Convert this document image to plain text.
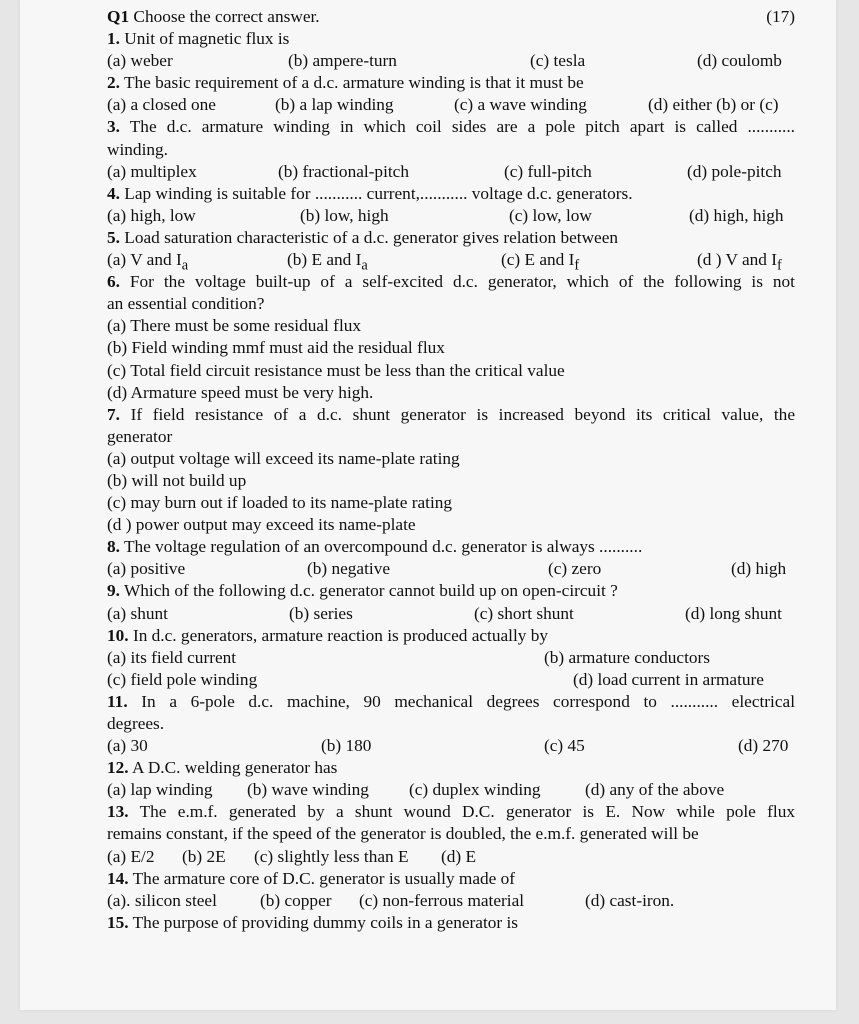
Q1 Choose the correct answer.	(17)
1. Unit of magnetic flux is
(a) weber	(b) ampere-turn	(c) tesla	(d) coulomb
2. The basic requirement of a d.c. armature winding is that it must be
(a) a closed one	(b) a lap winding	(c) a wave winding	(d) either (b) or (c)
3. The d.c. armature winding in which coil sides are a pole pitch apart is called ...........
winding.
(a) multiplex	(b) fractional-pitch	(c) full-pitch	(d) pole-pitch
4. Lap winding is suitable for ........... current,........... voltage d.c. generators.
(a) high, low	(b) low, high	(c) low, low	(d) high, high
5. Load saturation characteristic of a d.c. generator gives relation between
(a) V and $I_a$	(b) E and $I_a$	(c) E and $I_f$	(d ) V and $I_f$
6. For the voltage built-up of a self-excited d.c. generator, which of the following is not
an essential condition?
(a) There must be some residual flux
(b) Field winding mmf must aid the residual flux
(c) Total field circuit resistance must be less than the critical value
(d) Armature speed must be very high.
7. If field resistance of a d.c. shunt generator is increased beyond its critical value, the
generator
(a) output voltage will exceed its name-plate rating
(b) will not build up
(c) may burn out if loaded to its name-plate rating
(d ) power output may exceed its name-plate
8. The voltage regulation of an overcompound d.c. generator is always ..........
(a) positive	(b) negative	(c) zero	(d) high
9. Which of the following d.c. generator cannot build up on open-circuit ?
(a) shunt	(b) series	(c) short shunt	(d) long shunt
10. In d.c. generators, armature reaction is produced actually by
(a) its field current	(b) armature conductors
(c) field pole winding	(d) load current in armature
11. In a 6-pole d.c. machine, 90 mechanical degrees correspond to ........... electrical
degrees.
(a) 30	(b) 180	(c) 45	(d) 270
12. A D.C. welding generator has
(a) lap winding (b) wave winding (c) duplex winding	(d) any of the above
13. The e.m.f. generated by a shunt wound D.C. generator is E. Now while pole flux
remains constant, if the speed of the generator is doubled, the e.m.f. generated will be
(a) E/2 (b) 2E (c) slightly less than E (d) E
14. The armature core of D.C. generator is usually made of
(a). silicon steel (b) copper (c) non-ferrous material	(d) cast-iron.
15. The purpose of providing dummy coils in a generator is
